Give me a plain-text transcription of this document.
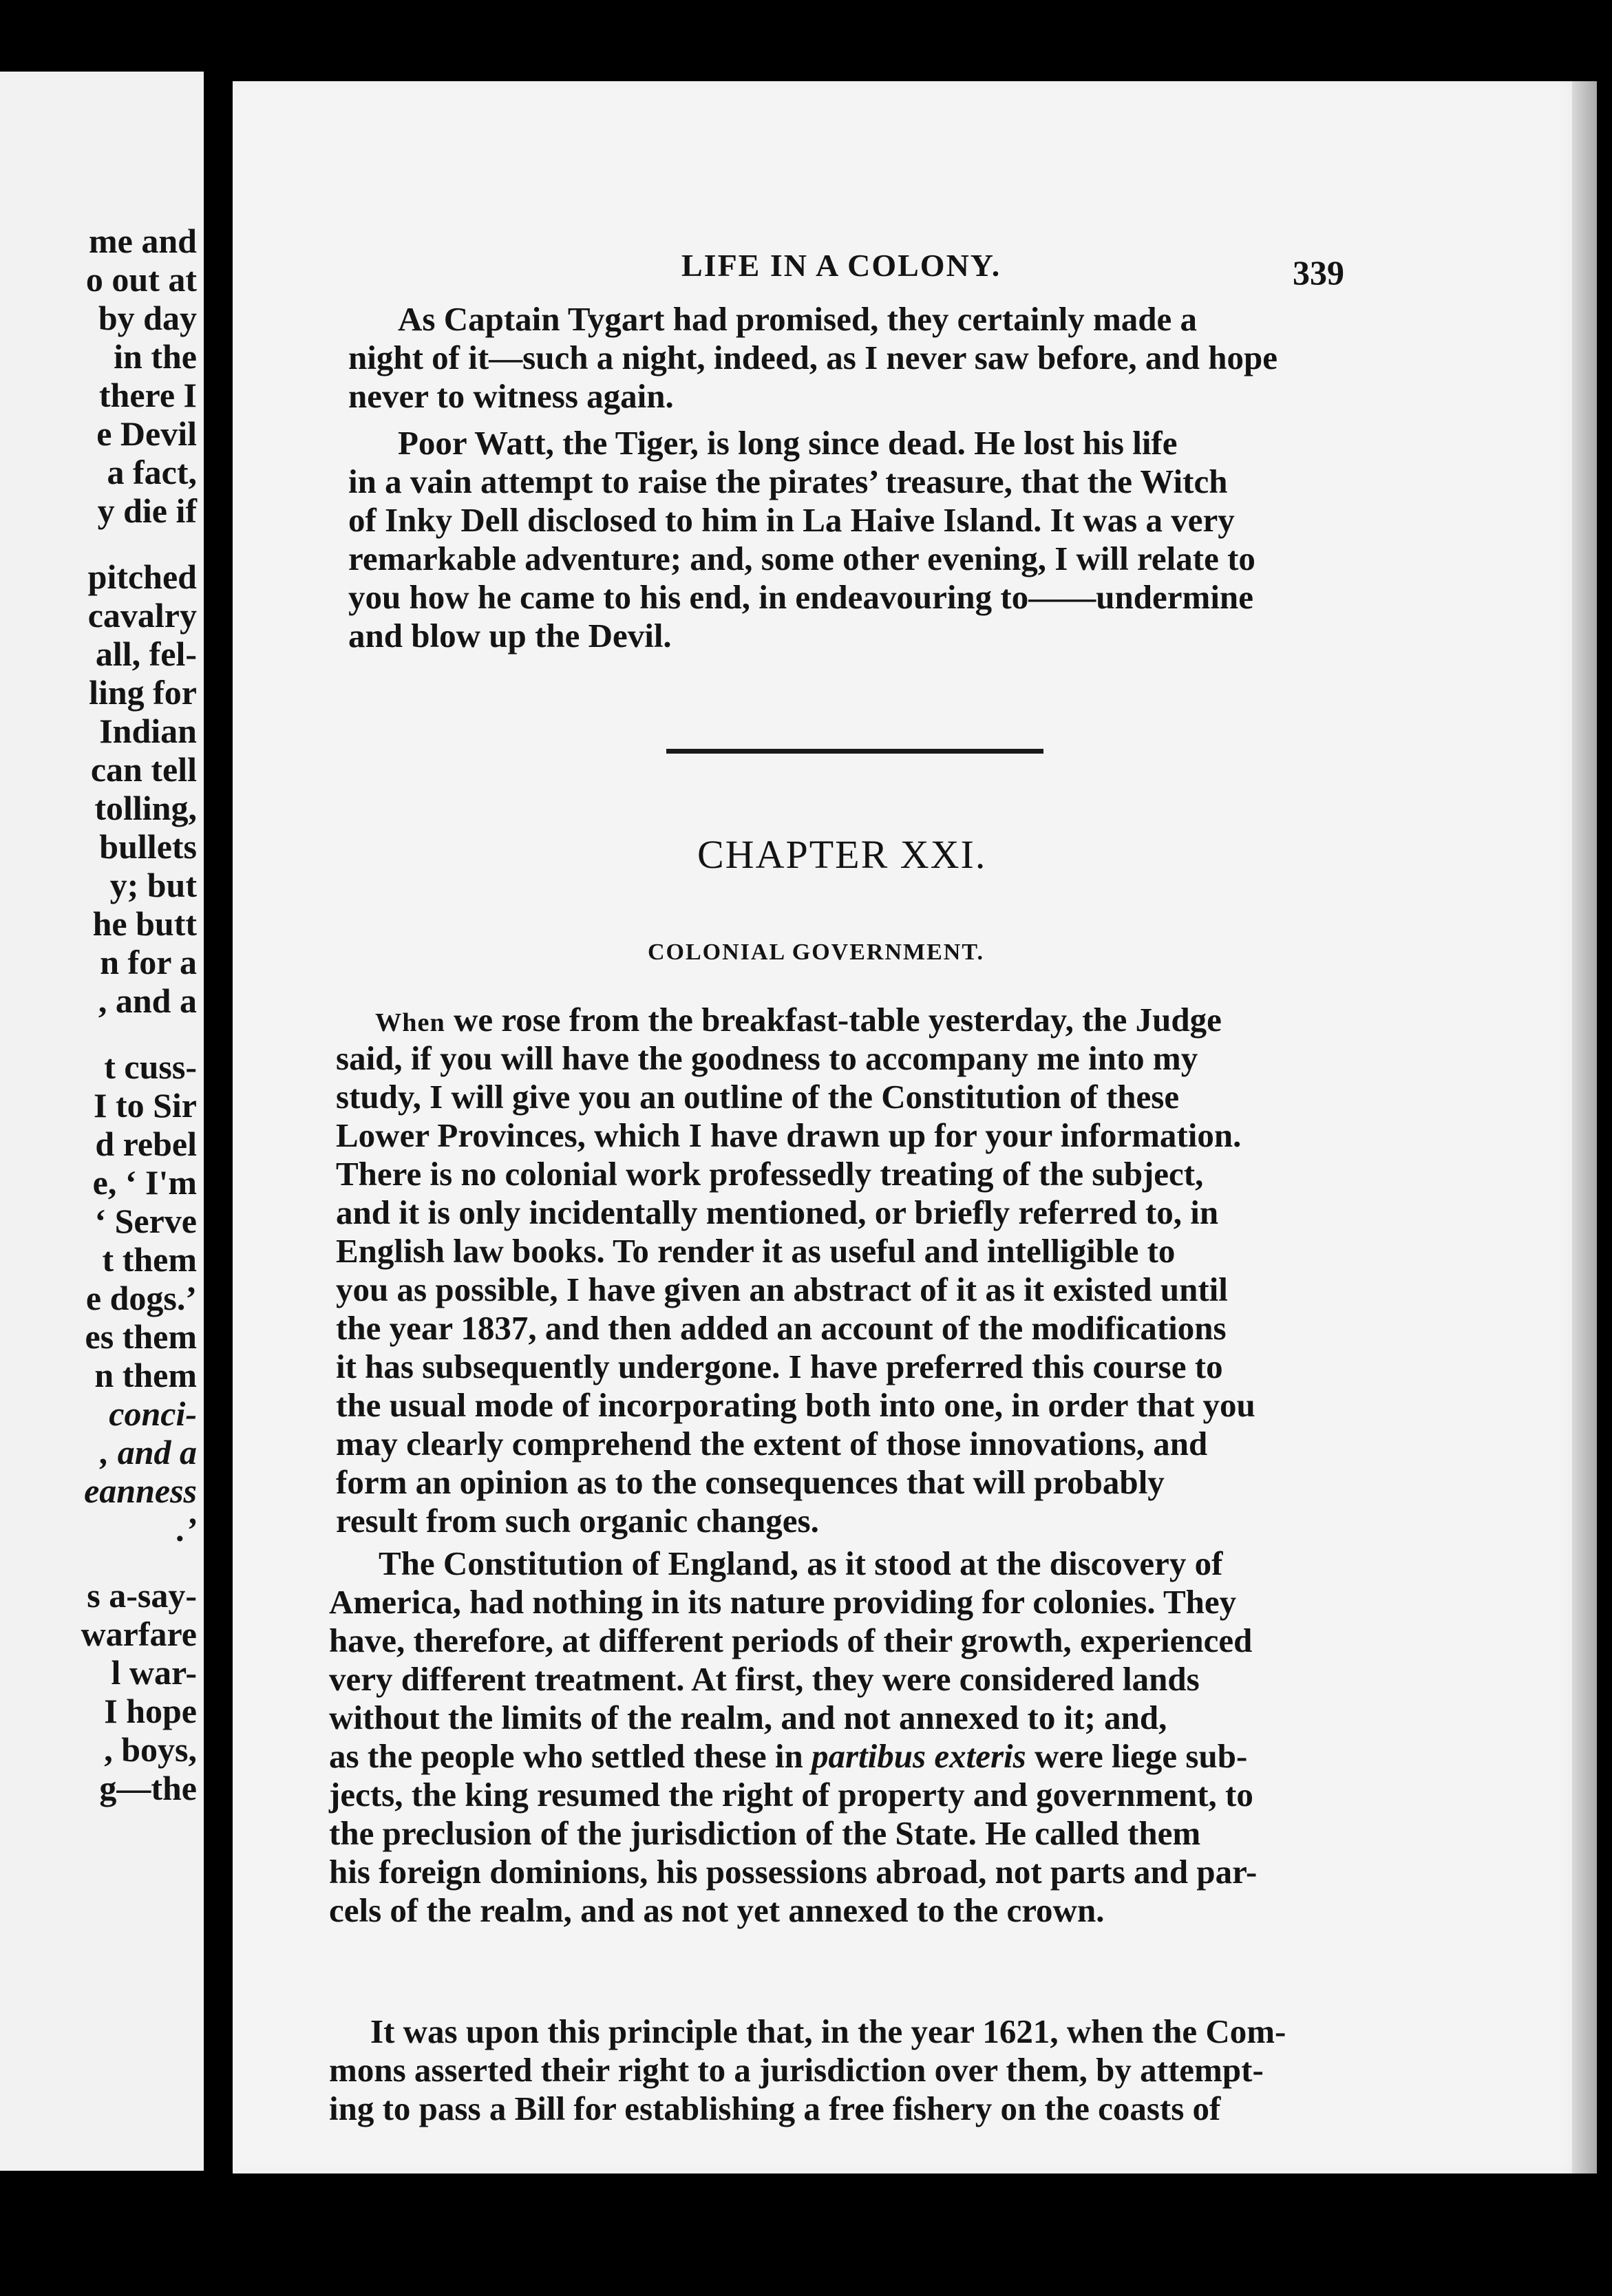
me and
o out at
by day
in the
there I
e Devil
a fact,
y die if
pitched
cavalry
all, fel-
ling for
Indian
can tell
tolling,
bullets
y; but
he butt
n for a
, and a
t cuss-
I to Sir
d rebel
e, ‘ I'm
‘ Serve
t them
e dogs.’
es them
n them
conci-
, and a
eanness
.’
s a-say-
warfare
l war-
I hope
, boys,
g—the
LIFE IN A COLONY.	339
As Captain Tygart had promised, they certainly made a
night of it—such a night, indeed, as I never saw before, and hope
never to witness again.
Poor Watt, the Tiger, is long since dead. He lost his life
in a vain attempt to raise the pirates’ treasure, that the Witch
of Inky Dell disclosed to him in La Haive Island. It was a very
remarkable adventure; and, some other evening, I will relate to
you how he came to his end, in endeavouring to——undermine
and blow up the Devil.
CHAPTER XXI.
COLONIAL GOVERNMENT.
When we rose from the breakfast-table yesterday, the Judge
said, if you will have the goodness to accompany me into my
study, I will give you an outline of the Constitution of these
Lower Provinces, which I have drawn up for your information.
There is no colonial work professedly treating of the subject,
and it is only incidentally mentioned, or briefly referred to, in
English law books. To render it as useful and intelligible to
you as possible, I have given an abstract of it as it existed until
the year 1837, and then added an account of the modifications
it has subsequently undergone. I have preferred this course to
the usual mode of incorporating both into one, in order that you
may clearly comprehend the extent of those innovations, and
form an opinion as to the consequences that will probably
result from such organic changes.
The Constitution of England, as it stood at the discovery of
America, had nothing in its nature providing for colonies. They
have, therefore, at different periods of their growth, experienced
very different treatment. At first, they were considered lands
without the limits of the realm, and not annexed to it; and,
jects, the king resumed the right of property and government, to
the preclusion of the jurisdiction of the State. He called them
his foreign dominions, his possessions abroad, not parts and par-
cels of the realm, and as not yet annexed to the crown.
as the people who settled these in partibus exteris were liege sub-
It was upon this principle that, in the year 1621, when the Com-
mons asserted their right to a jurisdiction over them, by attempt-
ing to pass a Bill for establishing a free fishery on the coasts of
